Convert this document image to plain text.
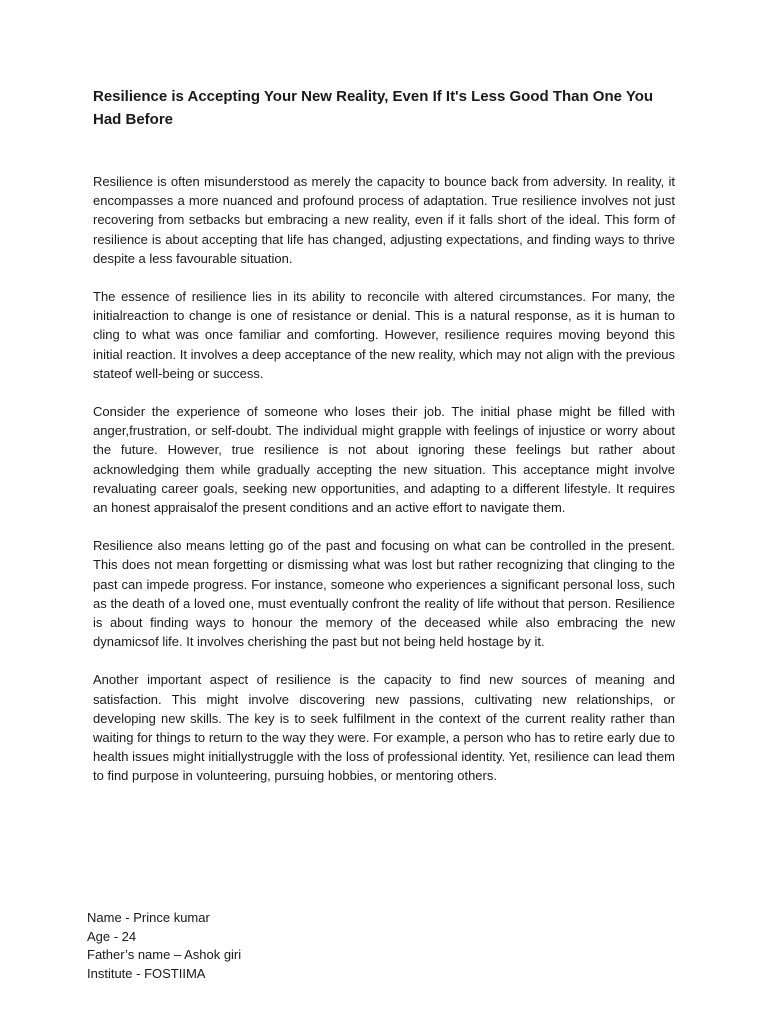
Resilience is Accepting Your New Reality, Even If It's Less Good Than One You Had Before

Resilience is often misunderstood as merely the capacity to bounce back from adversity. In reality, it encompasses a more nuanced and profound process of adaptation. True resilience involves not just recovering from setbacks but embracing a new reality, even if it falls short of the ideal. This form of resilience is about accepting that life has changed, adjusting expectations, and finding ways to thrive despite a less favourable situation.

The essence of resilience lies in its ability to reconcile with altered circumstances. For many, the initialreaction to change is one of resistance or denial. This is a natural response, as it is human to cling to what was once familiar and comforting. However, resilience requires moving beyond this initial reaction. It involves a deep acceptance of the new reality, which may not align with the previous stateof well-being or success.

Consider the experience of someone who loses their job. The initial phase might be filled with anger,frustration, or self-doubt. The individual might grapple with feelings of injustice or worry about the future. However, true resilience is not about ignoring these feelings but rather about acknowledging them while gradually accepting the new situation. This acceptance might involve revaluating career goals, seeking new opportunities, and adapting to a different lifestyle. It requires an honest appraisalof the present conditions and an active effort to navigate them.

Resilience also means letting go of the past and focusing on what can be controlled in the present. This does not mean forgetting or dismissing what was lost but rather recognizing that clinging to the past can impede progress. For instance, someone who experiences a significant personal loss, such as the death of a loved one, must eventually confront the reality of life without that person. Resilience is about finding ways to honour the memory of the deceased while also embracing the new dynamicsof life. It involves cherishing the past but not being held hostage by it.

Another important aspect of resilience is the capacity to find new sources of meaning and satisfaction. This might involve discovering new passions, cultivating new relationships, or developing new skills. The key is to seek fulfilment in the context of the current reality rather than waiting for things to return to the way they were. For example, a person who has to retire early due to health issues might initiallystruggle with the loss of professional identity. Yet, resilience can lead them to find purpose in volunteering, pursuing hobbies, or mentoring others.

Name - Prince kumar
Age - 24
Father’s name – Ashok giri
Institute - FOSTIIMA
